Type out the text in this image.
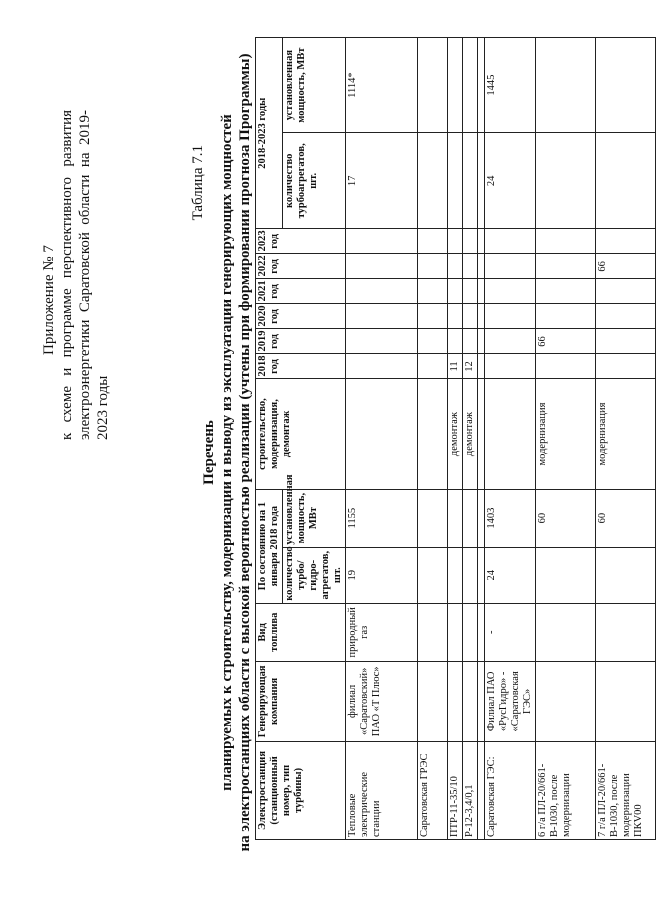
Приложение № 7 к схеме и программе перспективного развития электроэнергетики Саратовской области на 2019-2023 годы
Таблица 7.1
Перечень планируемых к строительству, модернизации и выводу из эксплуатации генерирующих мощностей на электростанциях области с высокой вероятностью реализации (учтены при формировании прогноза Программы) Электростанция (станционный номер, тип турбины)	Генерирующая компания	Вид топлива	По состоянию на 1 января 2018 года		строительство, модернизация, демонтаж	2018 год	2019 год	2020 год	2021 год	2022 год	2023 год	2018-2023 годы	
			количество турбо/ гидро-агрегатов, шт.	установленная мощность, МВт								количество турбоагрегатов, шт.	установленная мощность, МВт
Тепловые электрические станции	филиал «Саратовский» ПАО «Т Плюс»	природный газ	19	1155								17	1114*
Саратовская ГРЭС													
ПТР-11-35/10					демонтаж	11							
Р-12-3,4/0,1					демонтаж	12							

Саратовская ГЭС:	Филиал ПАО «РусГидро» - «Саратовская ГЭС»	-	24	1403								24	1445
6 г/а ПЛ-20/661-В-1030, после модернизации				60	модернизация		66						
7 г/а ПЛ-20/661-В-1030, после модернизации ПКV00				60	модернизация					66			
